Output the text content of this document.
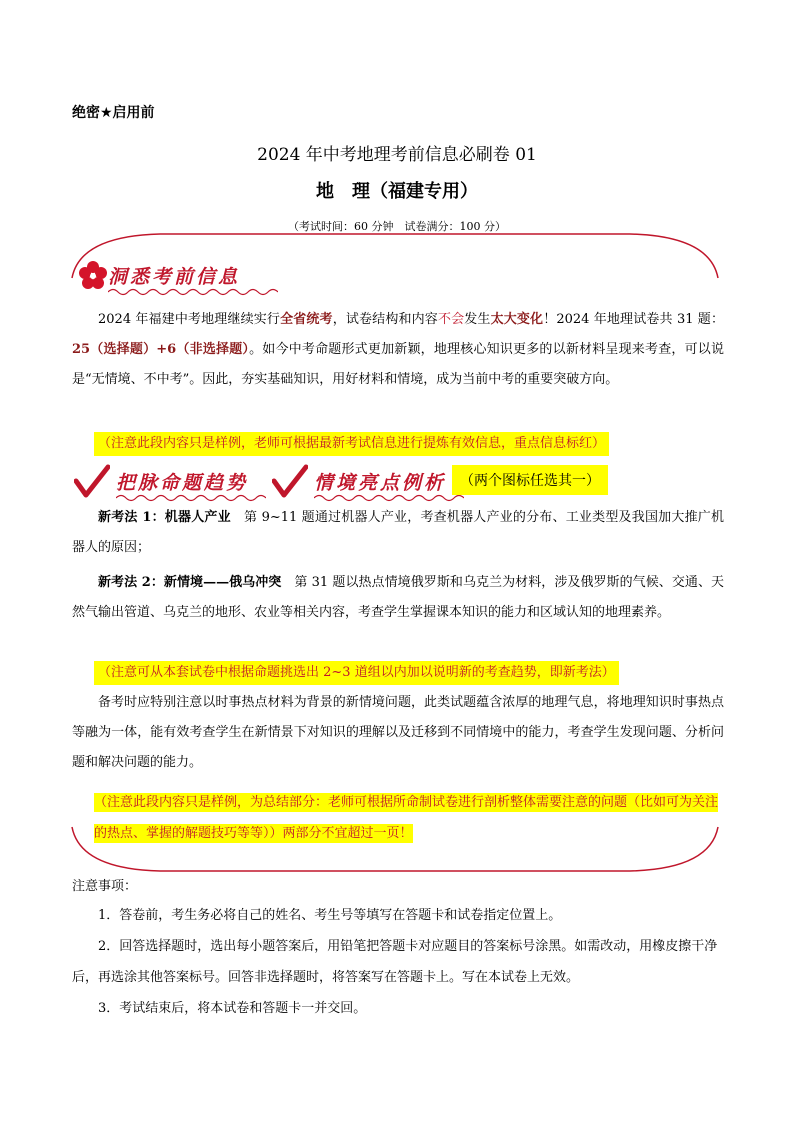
绝密★启用前
2024 年中考地理考前信息必刷卷 01
地　理（福建专用）
（考试时间：60 分钟　试卷满分：100 分）
洞悉考前信息

2024 年福建中考地理继续实行全省统考，试卷结构和内容不会发生太大变化！2024 年地理试卷共 31 题：25（选择题）+6（非选择题）。如今中考命题形式更加新颖，地理核心知识更多的以新材料呈现来考查，可以说是“无情境、不中考”。因此，夯实基础知识，用好材料和情境，成为当前中考的重要突破方向。

（注意此段内容只是样例，老师可根据最新考试信息进行提炼有效信息，重点信息标红）
把脉命题趋势	情境亮点例析 （两个图标任选其一）

新考法 1：机器人产业　第 9~11 题通过机器人产业，考查机器人产业的分布、工业类型及我国加大推广机器人的原因；

新考法 2：新情境——俄乌冲突　第 31 题以热点情境俄罗斯和乌克兰为材料，涉及俄罗斯的气候、交通、天然气输出管道、乌克兰的地形、农业等相关内容，考查学生掌握课本知识的能力和区域认知的地理素养。

（注意可从本套试卷中根据命题挑选出 2~3 道组以内加以说明新的考查趋势，即新考法）

备考时应特别注意以时事热点材料为背景的新情境问题，此类试题蕴含浓厚的地理气息，将地理知识时事热点等融为一体，能有效考查学生在新情景下对知识的理解以及迁移到不同情境中的能力，考查学生发现问题、分析问题和解决问题的能力。

（注意此段内容只是样例，为总结部分：老师可根据所命制试卷进行剖析整体需要注意的问题（比如可为关注的热点、掌握的解题技巧等等））两部分不宜超过一页！
注意事项：

1．答卷前，考生务必将自己的姓名、考生号等填写在答题卡和试卷指定位置上。

2．回答选择题时，选出每小题答案后，用铅笔把答题卡对应题目的答案标号涂黑。如需改动，用橡皮擦干净后，再选涂其他答案标号。回答非选择题时，将答案写在答题卡上。写在本试卷上无效。

3．考试结束后，将本试卷和答题卡一并交回。
